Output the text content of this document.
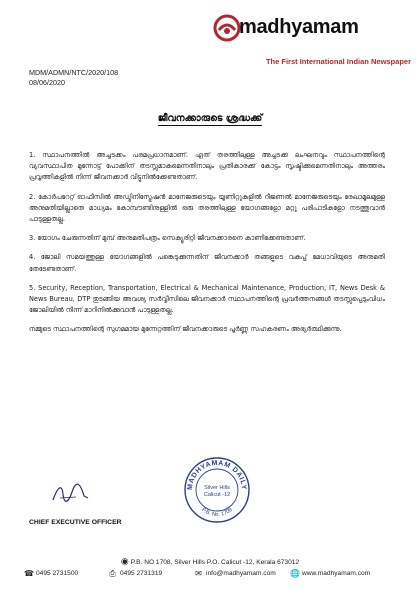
madhyamam
The First International Indian Newspaper
MDM/ADMN/NTC/2020/108
08/06/2020
ജീവനക്കാരുടെ ശ്രദ്ധക്ക്

1. സ്ഥാപനത്തിൽ അച്ചടക്കം പരമപ്രധാനമാണ്. ഏത് തരത്തിലുള്ള അച്ചടക്ക ലംഘനവും സ്ഥാപനത്തിന്റെ വ്യവസ്ഥാപിത മുന്നോട്ട് പോക്കിന് തടസ്സമാകുമെന്നതിനാലും പ്രതികാരക്ക് കോട്ടം സൃഷ്ടിക്കുമെന്നതിനാലും അത്തരം പ്രവൃത്തികളിൽ നിന്ന് ജീവനക്കാർ വിട്ടുനിൽക്കേണ്ടതാണ്.

2. കോർപറേറ്റ് ഓഫീസിൽ അഡ്മിനിസ്ട്രേഷൻ മാനേജരുടെയും യൂണിറ്റുകളിൽ റീജണൽ മാനേജരുടെയും രേഖാമൂലമുള്ള അനുമതിയില്ലാതെ മാധ്യമം കോമ്പൗണ്ടിനുള്ളിൽ ഒരു തരത്തിലുള്ള യോഗങ്ങളോ മറ്റു പരിപാടികളോ നടത്തുവാൻ പാടുള്ളതല്ല.

3. യോഗം ചേരുന്നതിന് മുമ്പ് അനുമതിപത്രം സെക്യൂരിറ്റി ജീവനക്കാരനെ കാണിക്കേണ്ടതാണ്.

4. ജോലി സമയത്തുള്ള യോഗങ്ങളിൽ പങ്കെടുക്കുന്നതിന് ജീവനക്കാർ തങ്ങളുടെ വകുപ്പ് മേധാവിയുടെ അനുമതി തേടേണ്ടതാണ്.

5. Security, Reception, Transportation, Electrical & Mechanical Maintenance, Production, IT, News Desk & News Bureau, DTP തുടങ്ങിയ അവശ്യ സർവ്വീസിലെ ജീവനക്കാർ സ്ഥാപനത്തിന്റെ പ്രവർത്തനങ്ങൾ തടസ്സപ്പെടുംവിധം ജോലിയിൽ നിന്ന് മാറിനിൽക്കുവാൻ പാടുള്ളതല്ല.

നമ്മുടെ സ്ഥാപനത്തിന്റെ സുഗമമായ മുന്നേറ്റത്തിന് ജീവനക്കാരുടെ പൂർണ്ണ സഹകരണം അഭ്യർത്ഥിക്കുന്നു.

CHIEF EXECUTIVE OFFICER
MADHYAMAM DAILY
P.B. No. 1708
Silver Hills
Calicut -12
◉ P.B. NO 1708, Silver Hills P.O. Calicut -12, Kerala 673012
☎ 0495 2731500	⎙ 0495 2731319	✉ info@madhyamam.com 🌐 www.madhyamam.com
